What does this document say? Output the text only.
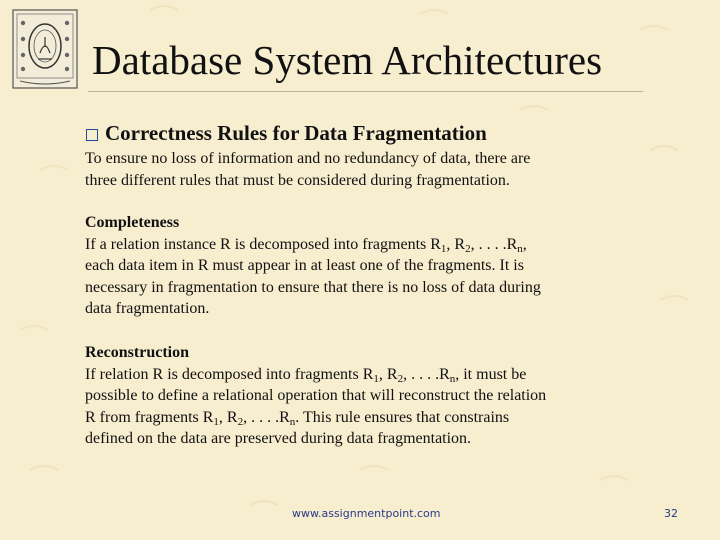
Database System Architectures
Correctness Rules for Data Fragmentation
To ensure no loss of information and no redundancy of data, there are
three different rules that must be considered during fragmentation.
Completeness
If a relation instance R is decomposed into fragments $R_1$, $R_2$, . . . $.R_n$,
each data item in R must appear in at least one of the fragments. It is
necessary in fragmentation to ensure that there is no loss of data during
data fragmentation.
Reconstruction
If relation R is decomposed into fragments $R_1$, $R_2$, . . . $.R_n$, it must be
possible to define a relational operation that will reconstruct the relation
R from fragments $R_1$, $R_2$, . . . $.R_n$. This rule ensures that constrains
defined on the data are preserved during data fragmentation.
www.assignmentpoint.com	32
